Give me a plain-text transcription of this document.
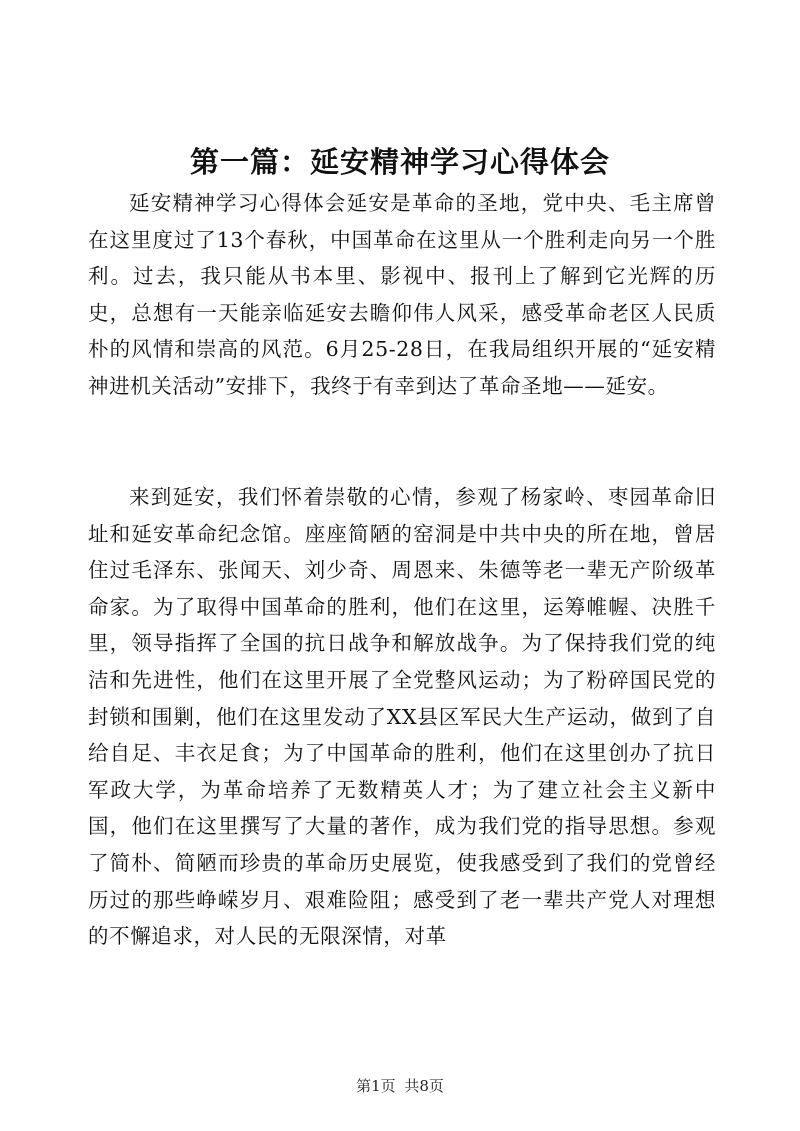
第一篇：延安精神学习心得体会

延安精神学习心得体会延安是革命的圣地，党中央、毛主席曾在这里度过了13个春秋，中国革命在这里从一个胜利走向另一个胜利。过去，我只能从书本里、影视中、报刊上了解到它光辉的历史，总想有一天能亲临延安去瞻仰伟人风采，感受革命老区人民质朴的风情和崇高的风范。6月25-28日，在我局组织开展的“延安精神进机关活动”安排下，我终于有幸到达了革命圣地——延安。

来到延安，我们怀着崇敬的心情，参观了杨家岭、枣园革命旧址和延安革命纪念馆。座座简陋的窑洞是中共中央的所在地，曾居住过毛泽东、张闻天、刘少奇、周恩来、朱德等老一辈无产阶级革命家。为了取得中国革命的胜利，他们在这里，运筹帷幄、决胜千里，领导指挥了全国的抗日战争和解放战争。为了保持我们党的纯洁和先进性，他们在这里开展了全党整风运动；为了粉碎国民党的封锁和围剿，他们在这里发动了XX县区军民大生产运动，做到了自给自足、丰衣足食；为了中国革命的胜利，他们在这里创办了抗日军政大学，为革命培养了无数精英人才；为了建立社会主义新中国，他们在这里撰写了大量的著作，成为我们党的指导思想。参观了简朴、简陋而珍贵的革命历史展览，使我感受到了我们的党曾经历过的那些峥嵘岁月、艰难险阻；感受到了老一辈共产党人对理想的不懈追求，对人民的无限深情，对革

第1页 共8页
